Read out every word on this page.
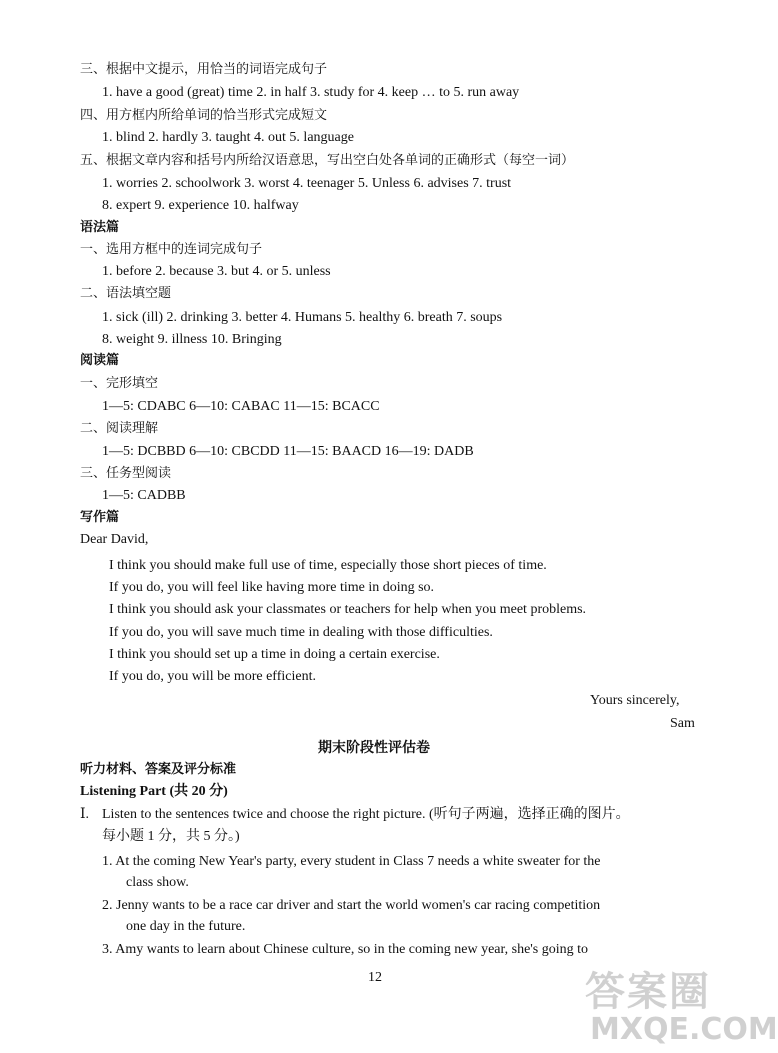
三、根据中文提示，用恰当的词语完成句子
1. have a good (great) time 2. in half 3. study for 4. keep … to 5. run away
四、用方框内所给单词的恰当形式完成短文
1. blind 2. hardly 3. taught 4. out 5. language
五、根据文章内容和括号内所给汉语意思，写出空白处各单词的正确形式（每空一词）
1. worries 2. schoolwork 3. worst 4. teenager 5. Unless 6. advises 7. trust
8. expert 9. experience 10. halfway
语法篇
一、选用方框中的连词完成句子
1. before 2. because 3. but 4. or 5. unless
二、语法填空题
1. sick (ill) 2. drinking 3. better 4. Humans 5. healthy 6. breath 7. soups
8. weight 9. illness 10. Bringing
阅读篇
一、完形填空
1—5: CDABC 6—10: CABAC 11—15: BCACC
二、阅读理解
1—5: DCBBD 6—10: CBCDD 11—15: BAACD 16—19: DADB
三、任务型阅读
1—5: CADBB
写作篇
Dear David,
I think you should make full use of time, especially those short pieces of time.
If you do, you will feel like having more time in doing so.
I think you should ask your classmates or teachers for help when you meet problems.
If you do, you will save much time in dealing with those difficulties.
I think you should set up a time in doing a certain exercise.
If you do, you will be more efficient.
Yours sincerely,
Sam
期末阶段性评估卷
听力材料、答案及评分标准
Listening Part (共 20 分)
Ⅰ. Listen to the sentences twice and choose the right picture. (听句子两遍，选择正确的图片。
每小题 1 分，共 5 分。)
1. At the coming New Year's party, every student in Class 7 needs a white sweater for the
class show.
2. Jenny wants to be a race car driver and start the world women's car racing competition
one day in the future.
3. Amy wants to learn about Chinese culture, so in the coming new year, she's going to
12	答案圈
MXQE.COM
